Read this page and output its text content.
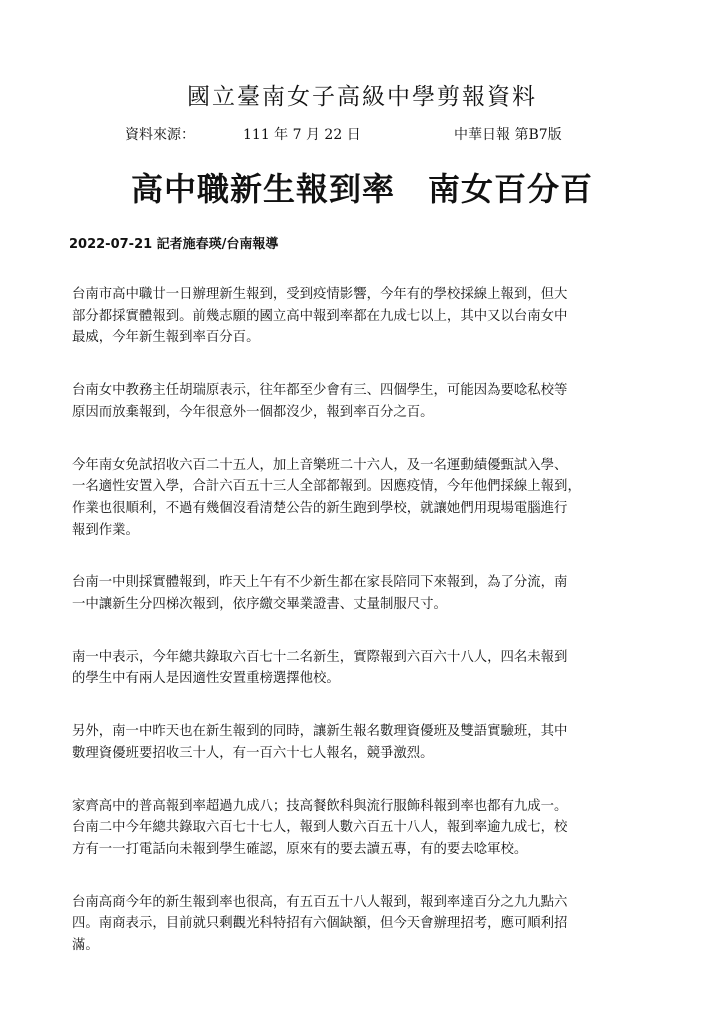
國立臺南女子高級中學剪報資料
資料來源：	111 年 7 月 22 日	中華日報 第B7版
高中職新生報到率　南女百分百
2022-07-21 記者施春瑛/台南報導

台南市高中職廿一日辦理新生報到，受到疫情影響，今年有的學校採線上報到，但大
部分都採實體報到。前幾志願的國立高中報到率都在九成七以上，其中又以台南女中
最威，今年新生報到率百分百。

台南女中教務主任胡瑞原表示，往年都至少會有三、四個學生，可能因為要唸私校等
原因而放棄報到，今年很意外一個都沒少，報到率百分之百。

今年南女免試招收六百二十五人，加上音樂班二十六人，及一名運動績優甄試入學、
一名適性安置入學，合計六百五十三人全部都報到。因應疫情，今年他們採線上報到，
作業也很順利，不過有幾個沒看清楚公告的新生跑到學校，就讓她們用現場電腦進行
報到作業。

台南一中則採實體報到，昨天上午有不少新生都在家長陪同下來報到，為了分流，南
一中讓新生分四梯次報到，依序繳交畢業證書、丈量制服尺寸。

南一中表示，今年總共錄取六百七十二名新生，實際報到六百六十八人，四名未報到
的學生中有兩人是因適性安置重榜選擇他校。

另外，南一中昨天也在新生報到的同時，讓新生報名數理資優班及雙語實驗班，其中
數理資優班要招收三十人，有一百六十七人報名，競爭激烈。

家齊高中的普高報到率超過九成八；技高餐飲科與流行服飾科報到率也都有九成一。
台南二中今年總共錄取六百七十七人，報到人數六百五十八人，報到率逾九成七，校
方有一一打電話向未報到學生確認，原來有的要去讀五專，有的要去唸軍校。

台南高商今年的新生報到率也很高，有五百五十八人報到，報到率達百分之九九點六
四。南商表示，目前就只剩觀光科特招有六個缺額，但今天會辦理招考，應可順利招
滿。
